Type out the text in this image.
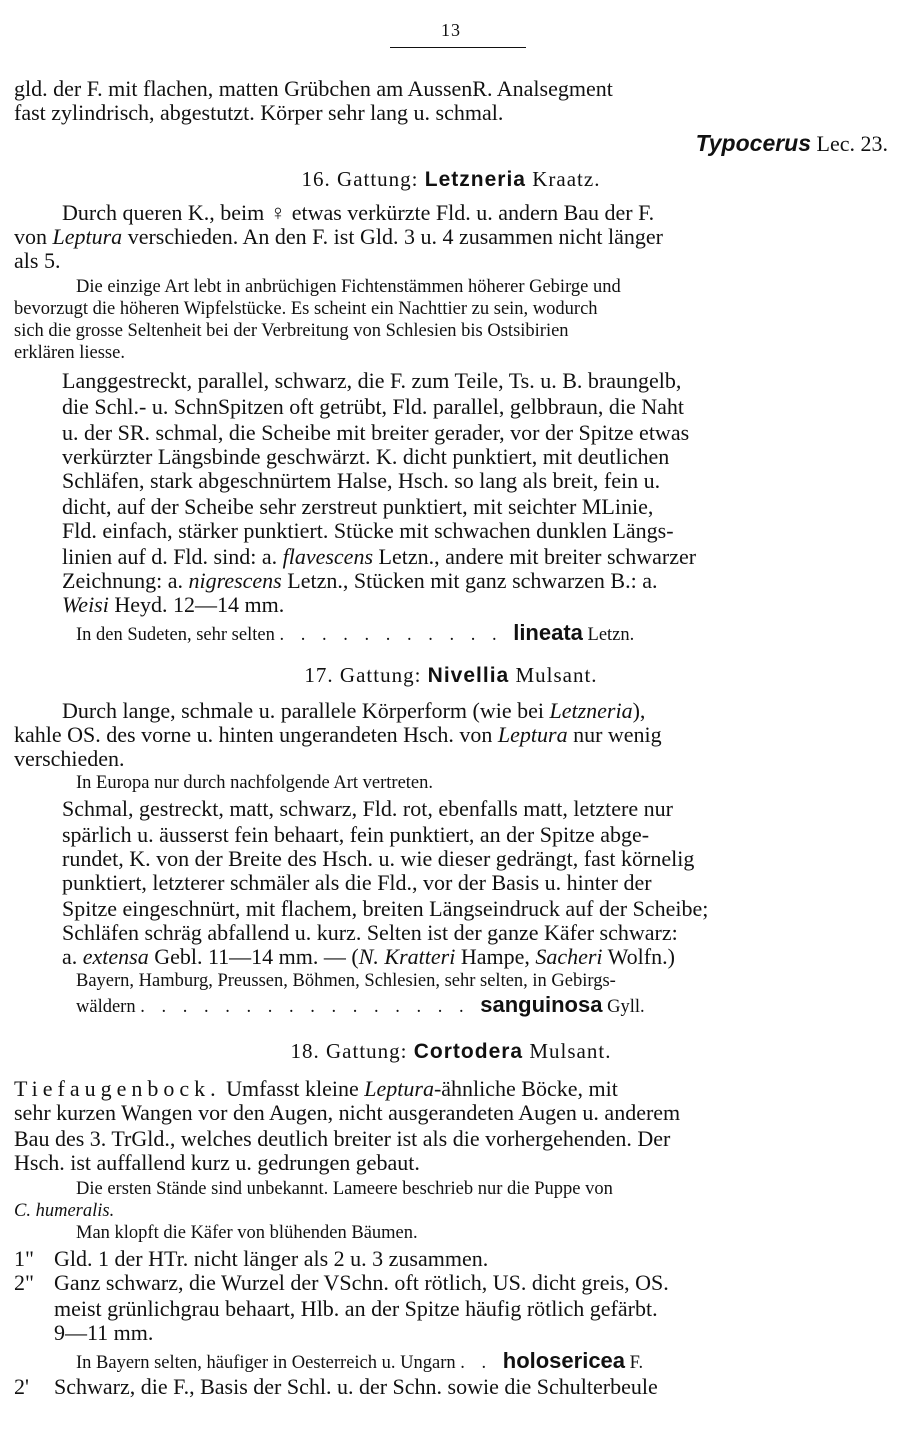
13
gld. der F. mit flachen, matten Grübchen am AussenR. Analsegment
fast zylindrisch, abgestutzt. Körper sehr lang u. schmal.
Typocerus Lec. 23.
16. Gattung: Letzneria Kraatz.
Durch queren K., beim ♀ etwas verkürzte Fld. u. andern Bau der F.
von Leptura verschieden. An den F. ist Gld. 3 u. 4 zusammen nicht länger
als 5.
Die einzige Art lebt in anbrüchigen Fichtenstämmen höherer Gebirge und
bevorzugt die höheren Wipfelstücke. Es scheint ein Nachttier zu sein, wodurch
sich die grosse Seltenheit bei der Verbreitung von Schlesien bis Ostsibirien
erklären liesse.
Langgestreckt, parallel, schwarz, die F. zum Teile, Ts. u. B. braungelb,
die Schl.- u. SchnSpitzen oft getrübt, Fld. parallel, gelbbraun, die Naht
u. der SR. schmal, die Scheibe mit breiter gerader, vor der Spitze etwas
verkürzter Längsbinde geschwärzt. K. dicht punktiert, mit deutlichen
Schläfen, stark abgeschnürtem Halse, Hsch. so lang als breit, fein u.
dicht, auf der Scheibe sehr zerstreut punktiert, mit seichter MLinie,
Fld. einfach, stärker punktiert. Stücke mit schwachen dunklen Längs-
linien auf d. Fld. sind: a. flavescens Letzn., andere mit breiter schwarzer
Zeichnung: a. nigrescens Letzn., Stücken mit ganz schwarzen B.: a.
Weisi Heyd. 12—14 mm.
In den Sudeten, sehr selten . . . . . . . . . . . lineata Letzn.
17. Gattung: Nivellia Mulsant.
Durch lange, schmale u. parallele Körperform (wie bei Letzneria),
kahle OS. des vorne u. hinten ungerandeten Hsch. von Leptura nur wenig
verschieden.
In Europa nur durch nachfolgende Art vertreten.
Schmal, gestreckt, matt, schwarz, Fld. rot, ebenfalls matt, letztere nur
spärlich u. äusserst fein behaart, fein punktiert, an der Spitze abge-
rundet, K. von der Breite des Hsch. u. wie dieser gedrängt, fast körnelig
punktiert, letzterer schmäler als die Fld., vor der Basis u. hinter der
Spitze eingeschnürt, mit flachem, breiten Längseindruck auf der Scheibe;
Schläfen schräg abfallend u. kurz. Selten ist der ganze Käfer schwarz:
a. extensa Gebl. 11—14 mm. — (N. Kratteri Hampe, Sacheri Wolfn.)
Bayern, Hamburg, Preussen, Böhmen, Schlesien, sehr selten, in Gebirgs-
wäldern . . . . . . . . . . . . . . . . sanguinosa Gyll.
18. Gattung: Cortodera Mulsant.
Tiefaugenbock. Umfasst kleine Leptura-ähnliche Böcke, mit
sehr kurzen Wangen vor den Augen, nicht ausgerandeten Augen u. anderem
Bau des 3. TrGld., welches deutlich breiter ist als die vorhergehenden. Der
Hsch. ist auffallend kurz u. gedrungen gebaut.
Die ersten Stände sind unbekannt. Lameere beschrieb nur die Puppe von
C. humeralis.
Man klopft die Käfer von blühenden Bäumen.
1" Gld. 1 der HTr. nicht länger als 2 u. 3 zusammen.
2" Ganz schwarz, die Wurzel der VSchn. oft rötlich, US. dicht greis, OS.
meist grünlichgrau behaart, Hlb. an der Spitze häufig rötlich gefärbt.
9—11 mm.
In Bayern selten, häufiger in Oesterreich u. Ungarn . . holosericea F.
2' Schwarz, die F., Basis der Schl. u. der Schn. sowie die Schulterbeule
